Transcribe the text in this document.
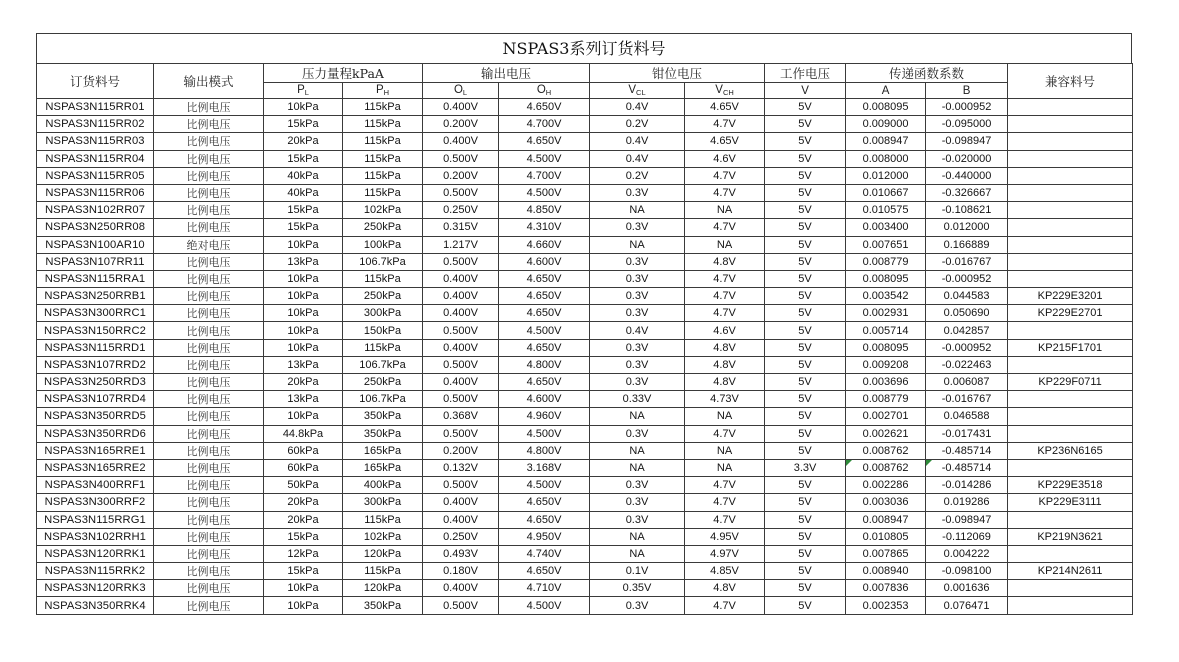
NSPAS3系列订货料号
订货料号	输出模式	压力量程kPaA		输出电压		钳位电压		工作电压	传递函数系数		兼容料号
		$P_L$	$P_H$	$O_L$	$O_H$	$V_{CL}$	$V_{CH}$	V	A	B	
NSPAS3N115RR01	比例电压	10kPa	115kPa	0.400V	4.650V	0.4V	4.65V	5V	0.008095	-0.000952	
NSPAS3N115RR02	比例电压	15kPa	115kPa	0.200V	4.700V	0.2V	4.7V	5V	0.009000	-0.095000	
NSPAS3N115RR03	比例电压	20kPa	115kPa	0.400V	4.650V	0.4V	4.65V	5V	0.008947	-0.098947	
NSPAS3N115RR04	比例电压	15kPa	115kPa	0.500V	4.500V	0.4V	4.6V	5V	0.008000	-0.020000	
NSPAS3N115RR05	比例电压	40kPa	115kPa	0.200V	4.700V	0.2V	4.7V	5V	0.012000	-0.440000	
NSPAS3N115RR06	比例电压	40kPa	115kPa	0.500V	4.500V	0.3V	4.7V	5V	0.010667	-0.326667	
NSPAS3N102RR07	比例电压	15kPa	102kPa	0.250V	4.850V	NA	NA	5V	0.010575	-0.108621	
NSPAS3N250RR08	比例电压	15kPa	250kPa	0.315V	4.310V	0.3V	4.7V	5V	0.003400	0.012000	
NSPAS3N100AR10	绝对电压	10kPa	100kPa	1.217V	4.660V	NA	NA	5V	0.007651	0.166889	
NSPAS3N107RR11	比例电压	13kPa	106.7kPa	0.500V	4.600V	0.3V	4.8V	5V	0.008779	-0.016767	
NSPAS3N115RRA1	比例电压	10kPa	115kPa	0.400V	4.650V	0.3V	4.7V	5V	0.008095	-0.000952	
NSPAS3N250RRB1	比例电压	10kPa	250kPa	0.400V	4.650V	0.3V	4.7V	5V	0.003542	0.044583	KP229E3201
NSPAS3N300RRC1	比例电压	10kPa	300kPa	0.400V	4.650V	0.3V	4.7V	5V	0.002931	0.050690	KP229E2701
NSPAS3N150RRC2	比例电压	10kPa	150kPa	0.500V	4.500V	0.4V	4.6V	5V	0.005714	0.042857	
NSPAS3N115RRD1	比例电压	10kPa	115kPa	0.400V	4.650V	0.3V	4.8V	5V	0.008095	-0.000952	KP215F1701
NSPAS3N107RRD2	比例电压	13kPa	106.7kPa	0.500V	4.800V	0.3V	4.8V	5V	0.009208	-0.022463	
NSPAS3N250RRD3	比例电压	20kPa	250kPa	0.400V	4.650V	0.3V	4.8V	5V	0.003696	0.006087	KP229F0711
NSPAS3N107RRD4	比例电压	13kPa	106.7kPa	0.500V	4.600V	0.33V	4.73V	5V	0.008779	-0.016767	
NSPAS3N350RRD5	比例电压	10kPa	350kPa	0.368V	4.960V	NA	NA	5V	0.002701	0.046588	
NSPAS3N350RRD6	比例电压	44.8kPa	350kPa	0.500V	4.500V	0.3V	4.7V	5V	0.002621	-0.017431	
NSPAS3N165RRE1	比例电压	60kPa	165kPa	0.200V	4.800V	NA	NA	5V	0.008762	-0.485714	KP236N6165
NSPAS3N165RRE2	比例电压	60kPa	165kPa	0.132V	3.168V	NA	NA	3.3V	0.008762	-0.485714

NSPAS3N400RRF1	比例电压	50kPa	400kPa	0.500V	4.500V	0.3V	4.7V	5V	0.002286	-0.014286	KP229E3518
NSPAS3N300RRF2	比例电压	20kPa	300kPa	0.400V	4.650V	0.3V	4.7V	5V	0.003036	0.019286	KP229E3111
NSPAS3N115RRG1	比例电压	20kPa	115kPa	0.400V	4.650V	0.3V	4.7V	5V	0.008947	-0.098947	
NSPAS3N102RRH1	比例电压	15kPa	102kPa	0.250V	4.950V	NA	4.95V	5V	0.010805	-0.112069	KP219N3621
NSPAS3N120RRK1	比例电压	12kPa	120kPa	0.493V	4.740V	NA	4.97V	5V	0.007865	0.004222	
NSPAS3N115RRK2	比例电压	15kPa	115kPa	0.180V	4.650V	0.1V	4.85V	5V	0.008940	-0.098100	KP214N2611
NSPAS3N120RRK3	比例电压	10kPa	120kPa	0.400V	4.710V	0.35V	4.8V	5V	0.007836	0.001636	
NSPAS3N350RRK4	比例电压	10kPa	350kPa	0.500V	4.500V	0.3V	4.7V	5V	0.002353	0.076471	
